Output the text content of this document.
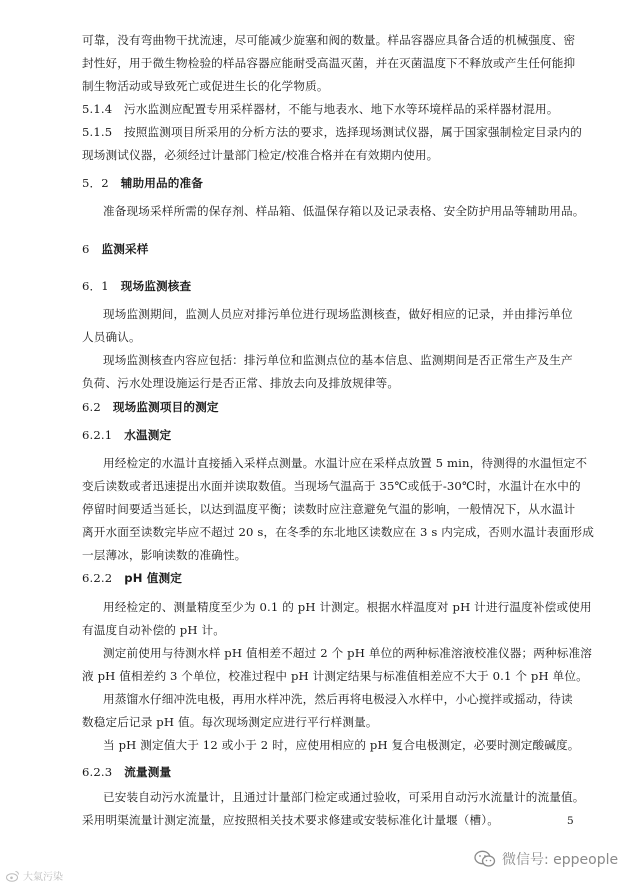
可靠，没有弯曲物干扰流速，尽可能减少旋塞和阀的数量。样品容器应具备合适的机械强度、密
封性好，用于微生物检验的样品容器应能耐受高温灭菌，并在灭菌温度下不释放或产生任何能抑
制生物活动或导致死亡或促进生长的化学物质。
5.1.4　污水监测应配置专用采样器材，不能与地表水、地下水等环境样品的采样器材混用。
5.1.5　按照监测项目所采用的分析方法的要求，选择现场测试仪器，属于国家强制检定目录内的
现场测试仪器，必须经过计量部门检定/校准合格并在有效期内使用。
5．2 辅助用品的准备
准备现场采样所需的保存剂、样品箱、低温保存箱以及记录表格、安全防护用品等辅助用品。
6 监测采样
6．1 现场监测核查
现场监测期间，监测人员应对排污单位进行现场监测核查，做好相应的记录，并由排污单位
人员确认。
现场监测核查内容应包括：排污单位和监测点位的基本信息、监测期间是否正常生产及生产
负荷、污水处理设施运行是否正常、排放去向及排放规律等。
6.2 现场监测项目的测定
6.2.1 水温测定
用经检定的水温计直接插入采样点测量。水温计应在采样点放置 5 min，待测得的水温恒定不
变后读数或者迅速提出水面并读取数值。当现场气温高于 35℃或低于-30℃时，水温计在水中的
停留时间要适当延长，以达到温度平衡；读数时应注意避免气温的影响，一般情况下，从水温计
离开水面至读数完毕应不超过 20 s，在冬季的东北地区读数应在 3 s 内完成，否则水温计表面形成
一层薄冰，影响读数的准确性。
6.2.2 pH 值测定
用经检定的、测量精度至少为 0.1 的 pH 计测定。根据水样温度对 pH 计进行温度补偿或使用
有温度自动补偿的 pH 计。
测定前使用与待测水样 pH 值相差不超过 2 个 pH 单位的两种标准溶液校准仪器；两种标准溶
液 pH 值相差约 3 个单位，校准过程中 pH 计测定结果与标准值相差应不大于 0.1 个 pH 单位。
用蒸馏水仔细冲洗电极，再用水样冲洗，然后再将电极浸入水样中，小心搅拌或摇动，待读
数稳定后记录 pH 值。每次现场测定应进行平行样测量。
当 pH 测定值大于 12 或小于 2 时，应使用相应的 pH 复合电极测定，必要时测定酸碱度。
6.2.3 流量测量
已安装自动污水流量计，且通过计量部门检定或通过验收，可采用自动污水流量计的流量值。
采用明渠流量计测定流量，应按照相关技术要求修建或安装标准化计量堰（槽）。	5
微信号: eppeople
大氣污染
